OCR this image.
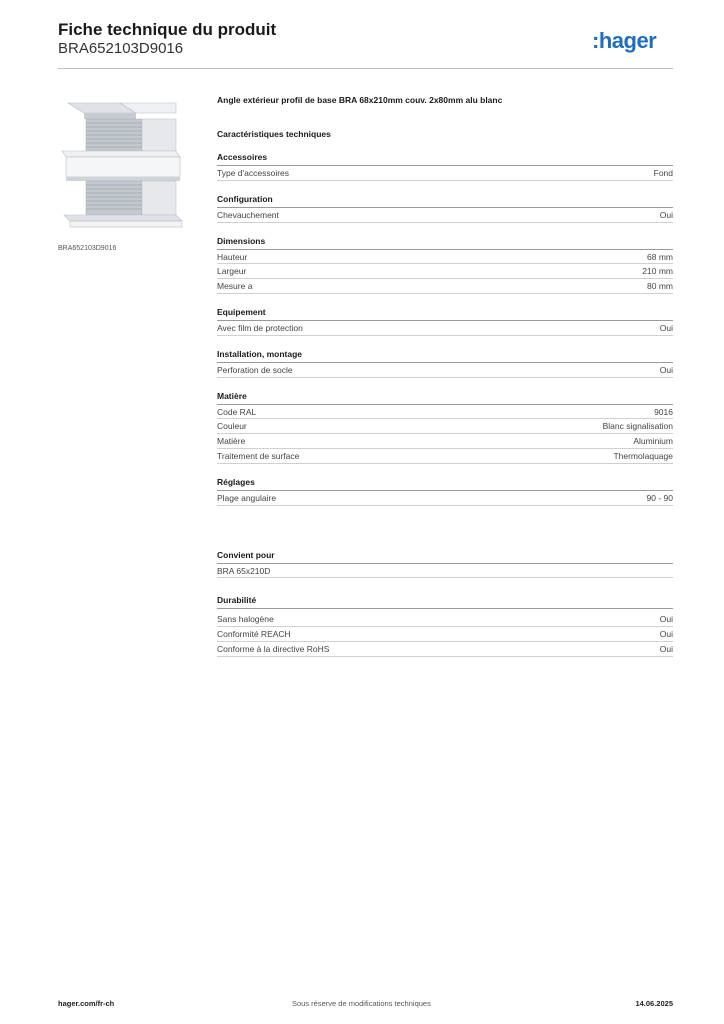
Fiche technique du produit
BRA652103D9016	:hager
BRA652103D9016
Angle extérieur profil de base BRA 68x210mm couv. 2x80mm alu blanc
Caractéristiques techniques
Accessoires
Type d'accessoires	Fond
Configuration
Chevauchement	Oui
Dimensions
Hauteur	68 mm
Largeur	210 mm
Mesure a	80 mm
Equipement
Avec film de protection	Oui
Installation, montage
Perforation de socle	Oui
Matière
Code RAL	9016
Couleur	Blanc signalisation
Matière	Aluminium
Traitement de surface	Thermolaquage
Réglages
Plage angulaire	90 - 90
Convient pour
BRA 65x210D
Durabilité
Sans halogène	Oui
Conformité REACH	Oui
Conforme à la directive RoHS	Oui
hager.com/fr-ch	Sous réserve de modifications techniques	14.06.2025
